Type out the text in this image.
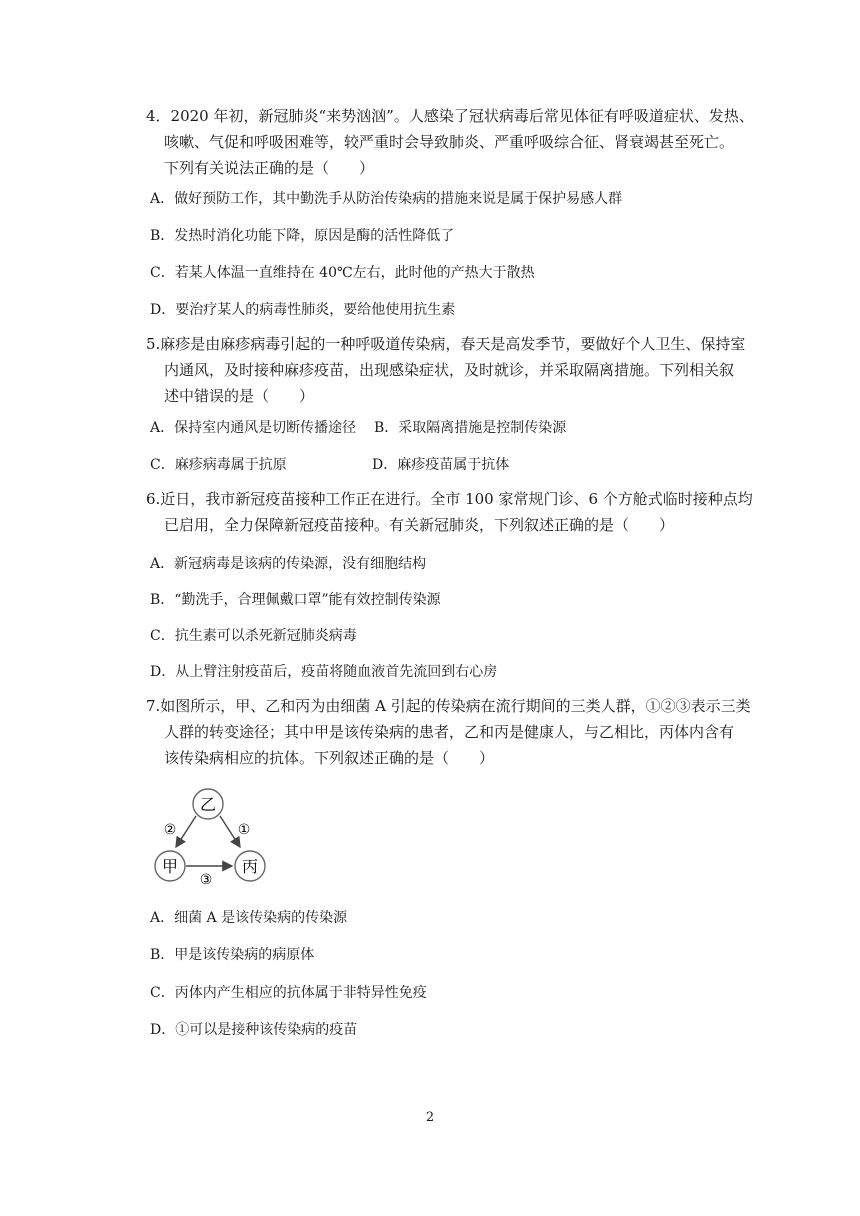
4．2020 年初，新冠肺炎“来势汹汹”。人感染了冠状病毒后常见体征有呼吸道症状、发热、
咳嗽、气促和呼吸困难等，较严重时会导致肺炎、严重呼吸综合征、肾衰竭甚至死亡。
下列有关说法正确的是（　　）
A．做好预防工作，其中勤洗手从防治传染病的措施来说是属于保护易感人群
B．发热时消化功能下降，原因是酶的活性降低了
C．若某人体温一直维持在 40℃左右，此时他的产热大于散热
D．要治疗某人的病毒性肺炎，要给他使用抗生素
5.麻疹是由麻疹病毒引起的一种呼吸道传染病，春天是高发季节，要做好个人卫生、保持室
内通风，及时接种麻疹疫苗，出现感染症状，及时就诊，并采取隔离措施。下列相关叙
述中错误的是（　　）
A．保持室内通风是切断传播途径 B．采取隔离措施是控制传染源
C．麻疹病毒属于抗原	D．麻疹疫苗属于抗体
6.近日，我市新冠疫苗接种工作正在进行。全市 100 家常规门诊、6 个方舱式临时接种点均
已启用，全力保障新冠疫苗接种。有关新冠肺炎，下列叙述正确的是（　　）
A．新冠病毒是该病的传染源，没有细胞结构
B．“勤洗手，合理佩戴口罩”能有效控制传染源
C．抗生素可以杀死新冠肺炎病毒
D．从上臂注射疫苗后，疫苗将随血液首先流回到右心房
7.如图所示，甲、乙和丙为由细菌 A 引起的传染病在流行期间的三类人群，①②③表示三类
人群的转变途径；其中甲是该传染病的患者，乙和丙是健康人，与乙相比，丙体内含有
该传染病相应的抗体。下列叙述正确的是（　　）
乙
甲	丙
②	①
③
A．细菌 A 是该传染病的传染源
B．甲是该传染病的病原体
C．丙体内产生相应的抗体属于非特异性免疫
D．①可以是接种该传染病的疫苗
2
